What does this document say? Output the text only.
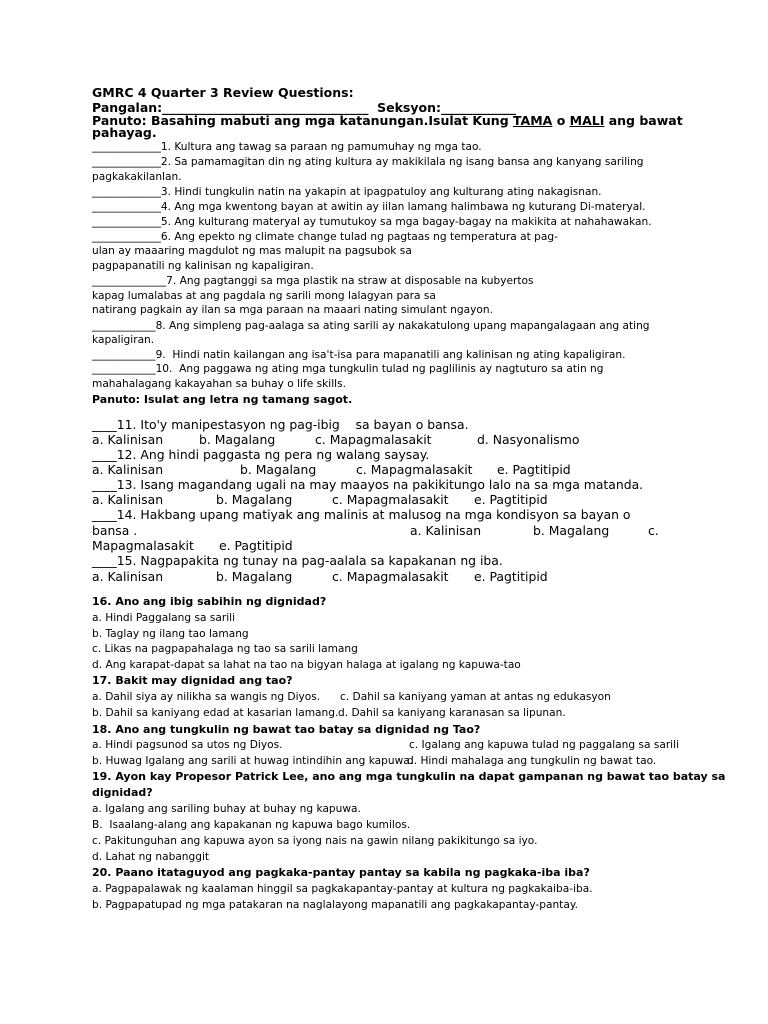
GMRC 4 Quarter 3 Review Questions:
Pangalan:_________________________________  Seksyon:____________
Panuto: Basahing mabuti ang mga katanungan.Isulat Kung TAMA o MALI ang bawat
pahayag.
_____________1. Kultura ang tawag sa paraan ng pamumuhay ng mga tao.
_____________2. Sa pamamagitan din ng ating kultura ay makikilala ng isang bansa ang kanyang sariling
pagkakakilanlan.
_____________3. Hindi tungkulin natin na yakapin at ipagpatuloy ang kulturang ating nakagisnan.
_____________4. Ang mga kwentong bayan at awitin ay iilan lamang halimbawa ng kuturang Di-materyal.
_____________5. Ang kulturang materyal ay tumutukoy sa mga bagay-bagay na makikita at nahahawakan.
_____________6. Ang epekto ng climate change tulad ng pagtaas ng temperatura at pag-
ulan ay maaaring magdulot ng mas malupit na pagsubok sa
pagpapanatili ng kalinisan ng kapaligiran.
______________7. Ang pagtanggi sa mga plastik na straw at disposable na kubyertos
kapag lumalabas at ang pagdala ng sarili mong lalagyan para sa
natirang pagkain ay ilan sa mga paraan na maaari nating simulant ngayon.
____________8. Ang simpleng pag-aalaga sa ating sarili ay nakakatulong upang mapangalagaan ang ating
kapaligiran.
____________9.  Hindi natin kailangan ang isa't-isa para mapanatili ang kalinisan ng ating kapaligiran.
____________10.  Ang paggawa ng ating mga tungkulin tulad ng paglilinis ay nagtuturo sa atin ng
mahahalagang kakayahan sa buhay o life skills.
Panuto: Isulat ang letra ng tamang sagot.
____11. Ito'y manipestasyon ng pag-ibig    sa bayan o bansa.
a. Kalinisan	b. Magalang	c. Mapagmalasakit	d. Nasyonalismo
____12. Ang hindi paggasta ng pera ng walang saysay.
a. Kalinisan	b. Magalang	c. Mapagmalasakit e. Pagtitipid
____13. Isang magandang ugali na may maayos na pakikitungo lalo na sa mga matanda.
a. Kalinisan	b. Magalang	c. Mapagmalasakit e. Pagtitipid
____14. Hakbang upang matiyak ang malinis at malusog na mga kondisyon sa bayan o
bansa .	a. Kalinisan	b. Magalang	c.
Mapagmalasakit e. Pagtitipid
____15. Nagpapakita ng tunay na pag-aalala sa kapakanan ng iba.
a. Kalinisan	b. Magalang	c. Mapagmalasakit e. Pagtitipid
16. Ano ang ibig sabihin ng dignidad?
a. Hindi Paggalang sa sarili
b. Taglay ng ilang tao lamang
c. Likas na pagpapahalaga ng tao sa sarili lamang
d. Ang karapat-dapat sa lahat na tao na bigyan halaga at igalang ng kapuwa-tao
17. Bakit may dignidad ang tao?
a. Dahil siya ay nilikha sa wangis ng Diyos. c. Dahil sa kaniyang yaman at antas ng edukasyon
b. Dahil sa kaniyang edad at kasarian lamang. d. Dahil sa kaniyang karanasan sa lipunan.
18. Ano ang tungkulin ng bawat tao batay sa dignidad ng Tao?
a. Hindi pagsunod sa utos ng Diyos.	c. Igalang ang kapuwa tulad ng paggalang sa sarili
b. Huwag Igalang ang sarili at huwag intindihin ang kapuwa.
d. Hindi mahalaga ang tungkulin ng bawat tao.
19. Ayon kay Propesor Patrick Lee, ano ang mga tungkulin na dapat gampanan ng bawat tao batay sa
dignidad?
a. Igalang ang sariling buhay at buhay ng kapuwa.
B.  Isaalang-alang ang kapakanan ng kapuwa bago kumilos.
c. Pakitunguhan ang kapuwa ayon sa iyong nais na gawin nilang pakikitungo sa iyo.
d. Lahat ng nabanggit
20. Paano itataguyod ang pagkaka-pantay pantay sa kabila ng pagkaka-iba iba?
a. Pagpapalawak ng kaalaman hinggil sa pagkakapantay-pantay at kultura ng pagkakaiba-iba.
b. Pagpapatupad ng mga patakaran na naglalayong mapanatili ang pagkakapantay-pantay.
